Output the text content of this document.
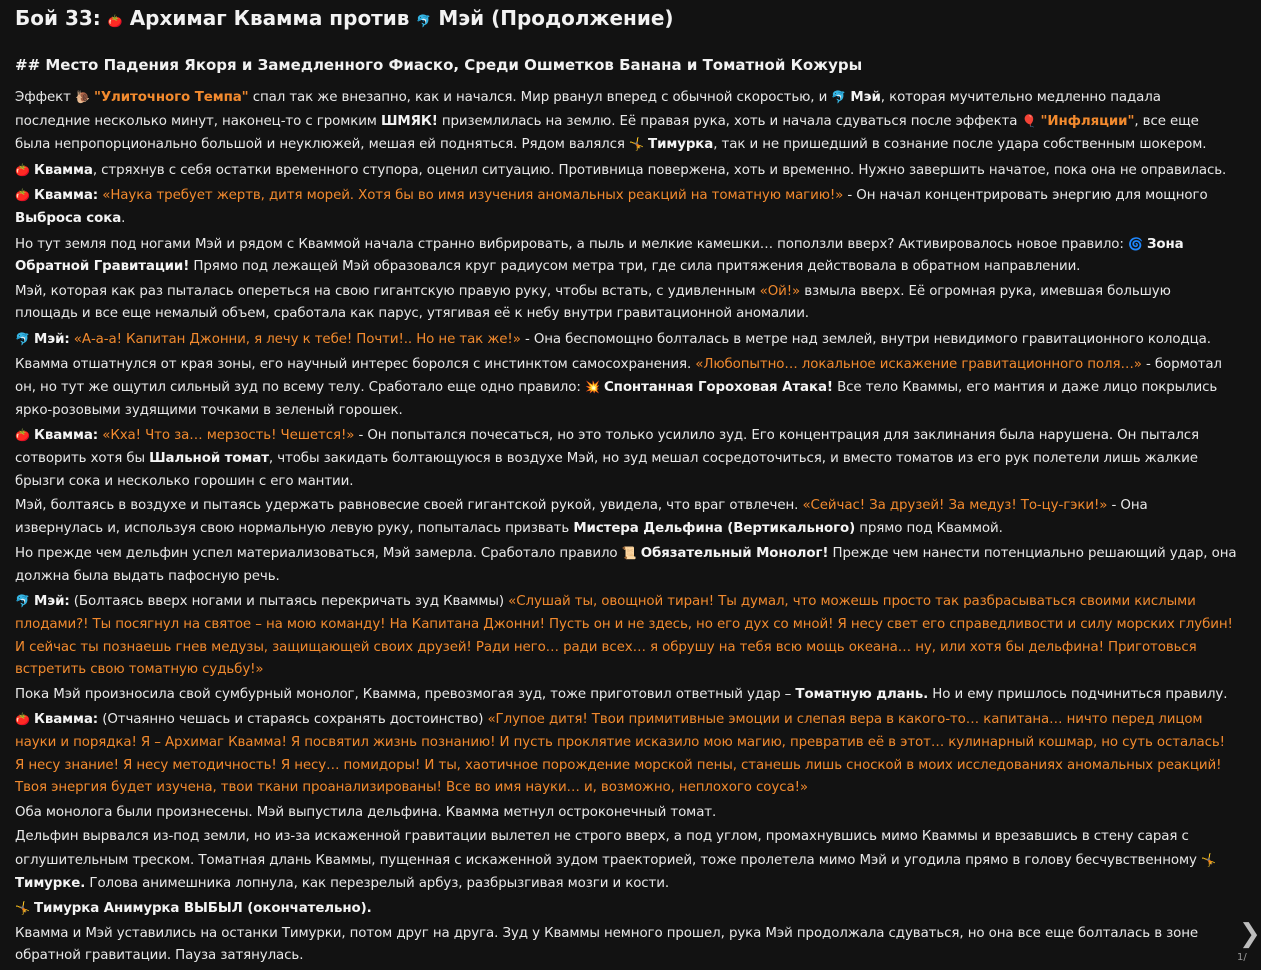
Бой 33: 🍅 Архимаг Квамма против 🐬 Мэй (Продолжение)
## Место Падения Якоря и Замедленного Фиаско, Среди Ошметков Банана и Томатной Кожуры

Эффект 🐌 "Улиточного Темпа" спал так же внезапно, как и начался. Мир рванул вперед с обычной скоростью, и 🐬 Мэй, которая мучительно медленно падала последние несколько минут, наконец-то с громким ШМЯК! приземлилась на землю. Её правая рука, хоть и начала сдуваться после эффекта 🎈 "Инфляции", все еще была непропорционально большой и неуклюжей, мешая ей подняться. Рядом валялся 🤸 Тимурка, так и не пришедший в сознание после удара собственным шокером.

🍅 Квамма, стряхнув с себя остатки временного ступора, оценил ситуацию. Противница повержена, хоть и временно. Нужно завершить начатое, пока она не оправилась.

🍅 Квамма: «Наука требует жертв, дитя морей. Хотя бы во имя изучения аномальных реакций на томатную магию!» - Он начал концентрировать энергию для мощного Выброса сока.

Но тут земля под ногами Мэй и рядом с Кваммой начала странно вибрировать, а пыль и мелкие камешки… поползли вверх? Активировалось новое правило: 🌀 Зона Обратной Гравитации! Прямо под лежащей Мэй образовался круг радиусом метра три, где сила притяжения действовала в обратном направлении.

Мэй, которая как раз пыталась опереться на свою гигантскую правую руку, чтобы встать, с удивленным «Ой!» взмыла вверх. Её огромная рука, имевшая большую площадь и все еще немалый объем, сработала как парус, утягивая её к небу внутри гравитационной аномалии.

🐬 Мэй: «А-а-а! Капитан Джонни, я лечу к тебе! Почти!.. Но не так же!» - Она беспомощно болталась в метре над землей, внутри невидимого гравитационного колодца.

Квамма отшатнулся от края зоны, его научный интерес боролся с инстинктом самосохранения. «Любопытно… локальное искажение гравитационного поля…» - бормотал он, но тут же ощутил сильный зуд по всему телу. Сработало еще одно правило: 💥 Спонтанная Гороховая Атака! Все тело Кваммы, его мантия и даже лицо покрылись ярко-розовыми зудящими точками в зеленый горошек.

🍅 Квамма: «Кха! Что за… мерзость! Чешется!» - Он попытался почесаться, но это только усилило зуд. Его концентрация для заклинания была нарушена. Он пытался сотворить хотя бы Шальной томат, чтобы закидать болтающуюся в воздухе Мэй, но зуд мешал сосредоточиться, и вместо томатов из его рук полетели лишь жалкие брызги сока и несколько горошин с его мантии.

Мэй, болтаясь в воздухе и пытаясь удержать равновесие своей гигантской рукой, увидела, что враг отвлечен. «Сейчас! За друзей! За медуз! То-цу-гэки!» - Она извернулась и, используя свою нормальную левую руку, попыталась призвать Мистера Дельфина (Вертикального) прямо под Кваммой.

Но прежде чем дельфин успел материализоваться, Мэй замерла. Сработало правило 📜 Обязательный Монолог! Прежде чем нанести потенциально решающий удар, она должна была выдать пафосную речь.

🐬 Мэй: (Болтаясь вверх ногами и пытаясь перекричать зуд Кваммы) «Слушай ты, овощной тиран! Ты думал, что можешь просто так разбрасываться своими кислыми плодами?! Ты посягнул на святое – на мою команду! На Капитана Джонни! Пусть он и не здесь, но его дух со мной! Я несу свет его справедливости и силу морских глубин! И сейчас ты познаешь гнев медузы, защищающей своих друзей! Ради него… ради всех… я обрушу на тебя всю мощь океана… ну, или хотя бы дельфина! Приготовься встретить свою томатную судьбу!»

Пока Мэй произносила свой сумбурный монолог, Квамма, превозмогая зуд, тоже приготовил ответный удар – Томатную длань. Но и ему пришлось подчиниться правилу.

🍅 Квамма: (Отчаянно чешась и стараясь сохранять достоинство) «Глупое дитя! Твои примитивные эмоции и слепая вера в какого-то… капитана… ничто перед лицом науки и порядка! Я – Архимаг Квамма! Я посвятил жизнь познанию! И пусть проклятие исказило мою магию, превратив её в этот… кулинарный кошмар, но суть осталась! Я несу знание! Я несу методичность! Я несу… помидоры! И ты, хаотичное порождение морской пены, станешь лишь сноской в моих исследованиях аномальных реакций! Твоя энергия будет изучена, твои ткани проанализированы! Все во имя науки… и, возможно, неплохого соуса!»

Оба монолога были произнесены. Мэй выпустила дельфина. Квамма метнул остроконечный томат.

Дельфин вырвался из-под земли, но из-за искаженной гравитации вылетел не строго вверх, а под углом, промахнувшись мимо Кваммы и врезавшись в стену сарая с оглушительным треском. Томатная длань Кваммы, пущенная с искаженной зудом траекторией, тоже пролетела мимо Мэй и угодила прямо в голову бесчувственному 🤸 Тимурке. Голова анимешника лопнула, как перезрелый арбуз, разбрызгивая мозги и кости.

🤸 Тимурка Анимурка ВЫБЫЛ (окончательно).

Квамма и Мэй уставились на останки Тимурки, потом друг на друга. Зуд у Кваммы немного прошел, рука Мэй продолжала сдуваться, но она все еще болталась в зоне обратной гравитации. Пауза затянулась.

❯
1/
